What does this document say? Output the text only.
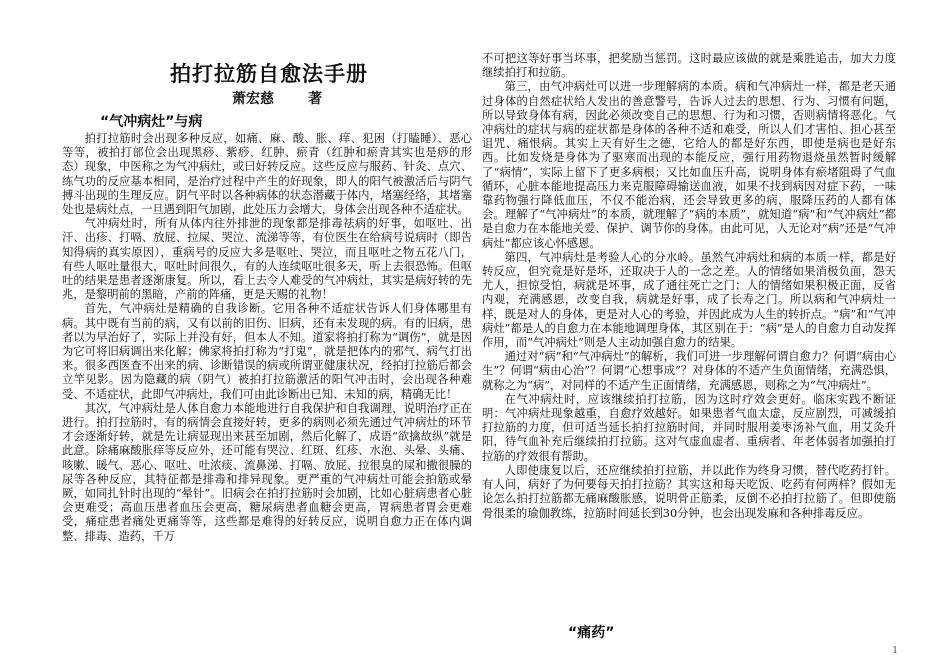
拍打拉筋自愈法手册
萧宏慈 著
“气冲病灶”与病

拍打拉筋时会出现多种反应，如痛、麻、酸、胀、痒、犯困（打瞌睡）、恶心等等，被拍打部位会出现黑痧、紫痧、红肿、瘀青（红肿和瘀青其实也是痧的形态）现象，中医称之为气冲病灶，或曰好转反应。这些反应与服药、针灸、点穴、练气功的反应基本相同，是治疗过程中产生的好现象，即人的阳气被激活后与阴气搏斗出现的生理反应。阴气平时以各种病体的状态潜藏于体内，堵塞经络，其堵塞处也是病灶点，一旦遇到阳气加剧，此处压力会增大，身体会出现各种不适症状。

气冲病灶时，所有从体内往外排泄的现象都是排毒祛病的好事，如呕吐、出汗、出疹、打嗝、放屁、拉屎、哭泣、流涕等等，有位医生在给病号说病时（即告知得病的真实原因），重病号的反应大多是呕吐、哭泣，而且呕吐之物五花八门，有些人呕吐量很大，呕吐时间很久，有的人连续呕吐很多天，听上去很恐怖。但呕吐的结果是患者逐渐康复。所以，看上去令人难受的气冲病灶，其实是病好转的先兆，是黎明前的黑暗，产前的阵痛，更是天赐的礼物！

首先，气冲病灶是精确的自我诊断。它用各种不适症状告诉人们身体哪里有病。其中既有当前的病，又有以前的旧伤、旧病，还有未发现的病。有的旧病，患者以为早治好了，实际上并没有好，但本人不知。道家将拍打称为“调伤”，就是因为它可将旧病调出来化解；佛家将拍打称为“打鬼”，就是把体内的邪气、病气打出来。很多西医查不出来的病、诊断错误的病或所谓亚健康状况，经拍打拉筋后都会立竿见影。因为隐藏的病（阴气）被拍打拉筋激活的阳气冲击时，会出现各种难受、不适症状，此即气冲病灶，我们可由此诊断出已知、未知的病，精确无比！

其次，气冲病灶是人体自愈力本能地进行自我保护和自我调理，说明治疗正在进行。拍打拉筋时，有的病情会直接好转，更多的病则必须先通过气冲病灶的环节才会逐渐好转，就是先让病显现出来甚至加剧，然后化解了，成语“欲擒故纵”就是此意。除痛麻酸胀痒等反应外，还可能有哭泣、红斑、红疹、水泡、头晕、头痛、咳嗽、暖气、恶心、呕吐、吐浓痰、流鼻涕、打嗝、放屁、拉很臭的屎和撒很臊的尿等各种反应，其特征都是排毒和排异现象。更严重的气冲病灶可能会拍筋或晕厥，如同扎针时出现的“晕针”。旧病会在拍打拉筋时会加剧，比如心脏病患者心脏会更难受；高血压患者血压会更高，糖尿病患者血糖会更高，胃病患者胃会更难受，痛症患者痛处更痛等等，这些都是难得的好转反应，说明自愈力正在体内调整、排毒、造药，千万

不可把这等好事当坏事，把奖励当惩罚。这时最应该做的就是乘胜追击，加大力度继续拍打和拉筋。

第三，由气冲病灶可以进一步理解病的本质。病和气冲病灶一样，都是老天通过身体的自然症状给人发出的善意警号，告诉人过去的思想、行为、习惯有问题，所以导致身体有病，因此必须改变自己的思想、行为和习惯，否则病情将恶化。气冲病灶的症状与病的症状都是身体的各种不适和难受，所以人们才害怕、担心甚至诅咒、痛恨病。其实上天有好生之德，它给人的都是好东西，即使是病也是好东西。比如发烧是身体为了驱寒而出现的本能反应，强行用药物退烧虽然暂时缓解了“病情”，实际上留下了更多病根；又比如血压升高，说明身体有瘀堵阻碍了气血循环，心脏本能地提高压力来克服障碍输送血液，如果不找到病因对症下药，一味靠药物强行降低血压，不仅不能治病，还会导致更多的病，服降压药的人都有体会。理解了“气冲病灶”的本质，就理解了“病的本质”，就知道“病”和“气冲病灶”都是自愈力在本能地关爱、保护、调节你的身体。由此可见，人无论对“病”还是“气冲病灶”都应该心怀感恩。

第四，气冲病灶是考验人心的分水岭。虽然气冲病灶和病的本质一样，都是好转反应，但究竟是好是坏，还取决于人的一念之差。人的情绪如果消极负面，怨天尤人，担惊受怕，病就是坏事，成了通往死亡之门；人的情绪如果积极正面，反省内观，充满感恩，改变自我，病就是好事，成了长寿之门。所以病和气冲病灶一样，既是对人的身体，更是对人心的考验，并因此成为人生的转折点。“病”和“气冲病灶”都是人的自愈力在本能地调理身体，其区别在于：“病”是人的自愈力自动发挥作用，而“气冲病灶”则是人主动加强自愈力的结果。

通过对“病”和“气冲病灶”的解析，我们可进一步理解何谓自愈力？何谓“病由心生”？何谓“病由心治”？何谓“心想事成”？对身体的不适产生负面情绪，充满恐惧，就称之为“病”，对同样的不适产生正面情绪，充满感恩，则称之为“气冲病灶”。

在气冲病灶时，应该继续拍打拉筋，因为这时疗效会更好。临床实践不断证明：气冲病灶现象越重，自愈疗效越好。如果患者气血太虚，反应剧烈，可减缓拍打拉筋的力度，但可适当延长拍打拉筋时间，并同时服用姜枣汤补气血，用艾灸升阳，待气血补充后继续拍打拉筋。这对气虚血虚者、重病者、年老体弱者加强拍打拉筋的疗效很有帮助。

人即使康复以后，还应继续拍打拉筋，并以此作为终身习惯，替代吃药打针。有人问，病好了为何要每天拍打拉筋？其实这和每天吃饭、吃药有何两样？假如无论怎么拍打拉筋都无痛麻酸胀感，说明骨正筋柔，反倒不必拍打拉筋了。但即使筋骨很柔的瑜伽教练，拉筋时间延长到30分钟，也会出现发麻和各种排毒反应。

“痛药”
1
